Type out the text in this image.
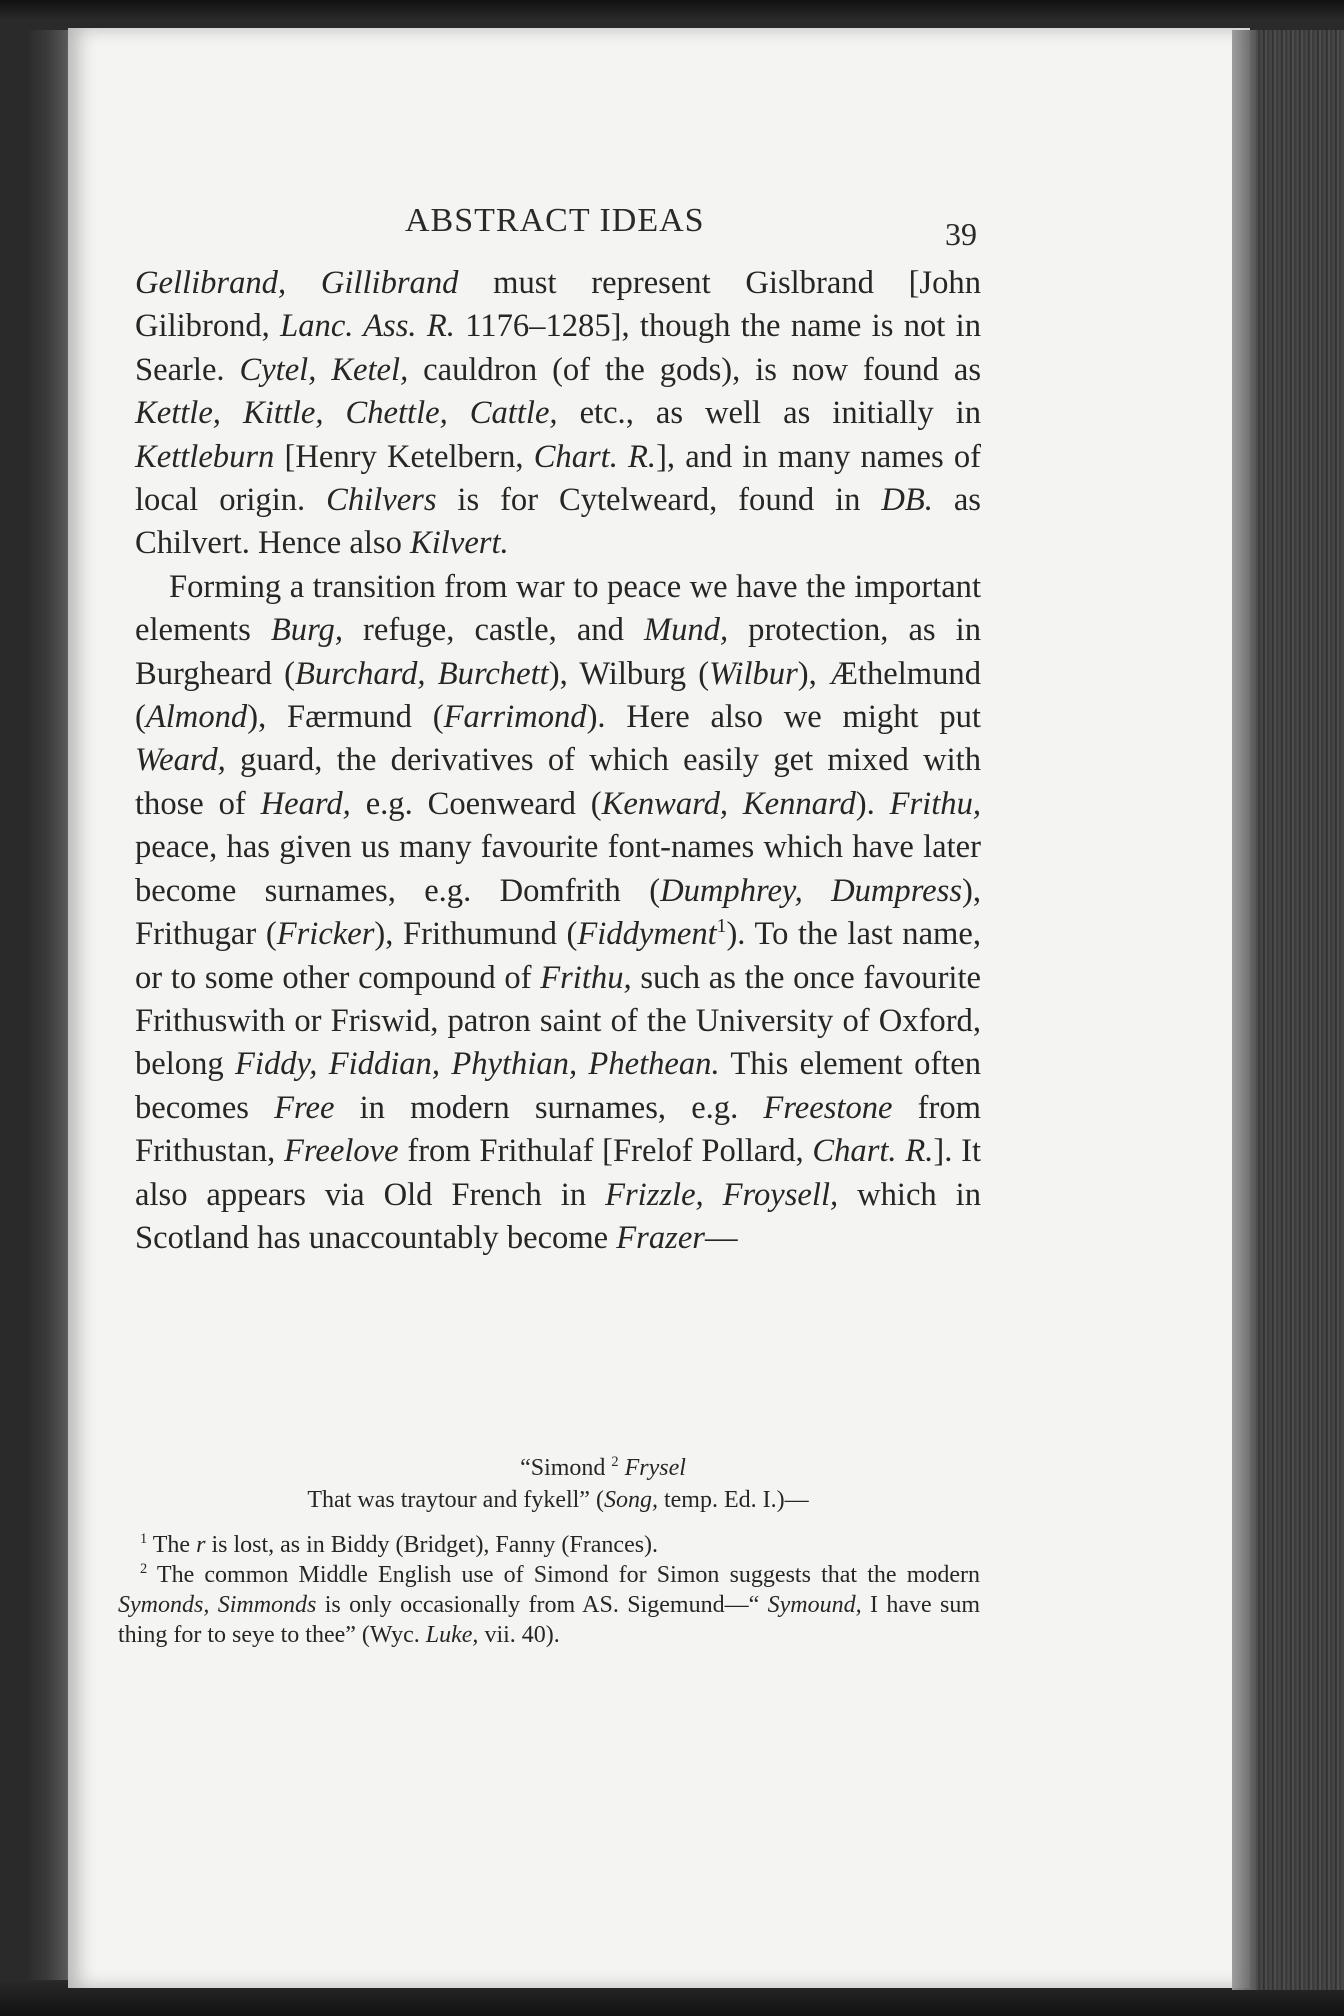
ABSTRACT IDEAS	39

Gellibrand, Gillibrand must represent Gislbrand [John Gilibrond, Lanc. Ass. R. 1176–1285], though the name is not in Searle. Cytel, Ketel, cauldron (of the gods), is now found as Kettle, Kittle, Chettle, Cattle, etc., as well as initially in Kettleburn [Henry Ketelbern, Chart. R.], and in many names of local origin. Chilvers is for Cytelweard, found in DB. as Chilvert. Hence also Kilvert.

Forming a transition from war to peace we have the important elements Burg, refuge, castle, and Mund, protection, as in Burgheard (Burchard, Burchett), Wilburg (Wilbur), Æthelmund (Almond), Færmund (Farrimond). Here also we might put Weard, guard, the derivatives of which easily get mixed with those of Heard, e.g. Coenweard (Kenward, Kennard). Frithu, peace, has given us many favourite font-names which have later become surnames, e.g. Domfrith (Dumphrey, Dumpress), Frithugar (Fricker), Frithumund (Fiddyment$^1$). To the last name, or to some other compound of Frithu, such as the once favourite Frithuswith or Friswid, patron saint of the University of Oxford, belong Fiddy, Fiddian, Phythian, Phethean. This element often becomes Free in modern surnames, e.g. Freestone from Frithustan, Freelove from Frithulaf [Frelof Pollard, Chart. R.]. It also appears via Old French in Frizzle, Froysell, which in Scotland has unaccountably become Frazer—

“Simond $^2$ Frysel
That was traytour and fykell” (Song, temp. Ed. I.)—

$^1$ The r is lost, as in Biddy (Bridget), Fanny (Frances).

$^2$ The common Middle English use of Simond for Simon suggests that the modern Symonds, Simmonds is only occasionally from AS. Sigemund—“ Symound, I have sum thing for to seye to thee” (Wyc. Luke, vii. 40).
